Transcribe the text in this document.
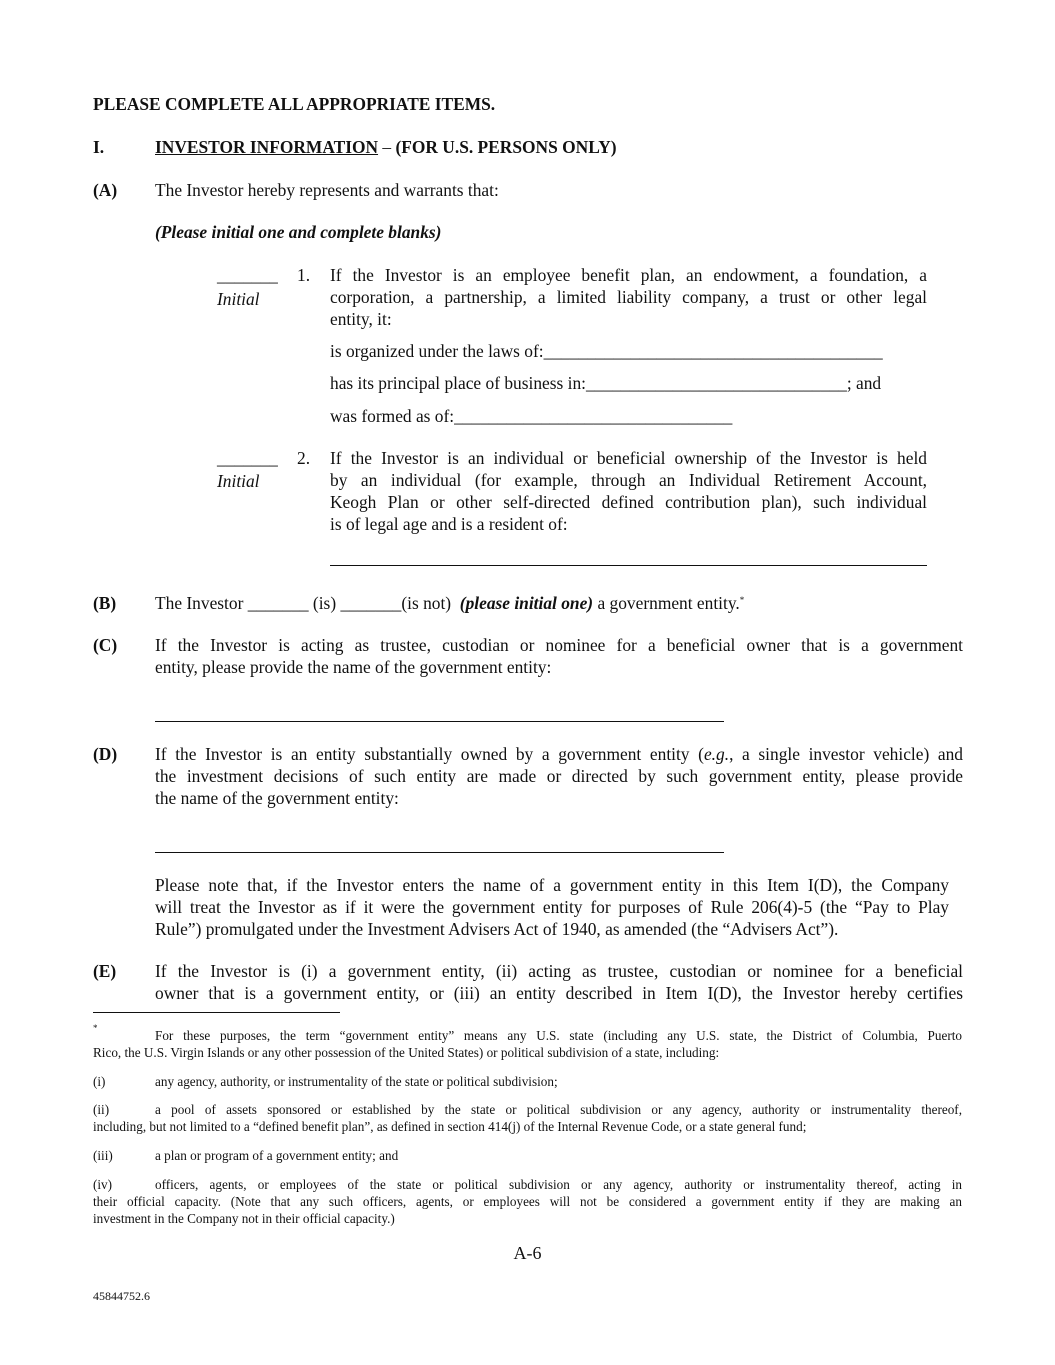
PLEASE COMPLETE ALL APPROPRIATE ITEMS.
I.	INVESTOR INFORMATION – (FOR U.S. PERSONS ONLY)
(A) The Investor hereby represents and warrants that:
(Please initial one and complete blanks)
_______
Initial
1. If the Investor is an employee benefit plan, an endowment, a foundation, a
corporation, a partnership, a limited liability company, a trust or other legal
entity, it:
is organized under the laws of:_______________________________________
has its principal place of business in:______________________________; and
was formed as of:________________________________
_______
Initial
2. If the Investor is an individual or beneficial ownership of the Investor is held
by an individual (for example, through an Individual Retirement Account,
Keogh Plan or other self-directed defined contribution plan), such individual
is of legal age and is a resident of:
(B) The Investor _______ (is) _______(is not)  (please initial one) a government entity.*
(C) If the Investor is acting as trustee, custodian or nominee for a beneficial owner that is a government
entity, please provide the name of the government entity:
(D) If the Investor is an entity substantially owned by a government entity (e.g., a single investor vehicle) and
the investment decisions of such entity are made or directed by such government entity, please provide
the name of the government entity:
Please note that, if the Investor enters the name of a government entity in this Item I(D), the Company
will treat the Investor as if it were the government entity for purposes of Rule 206(4)-5 (the “Pay to Play
Rule”) promulgated under the Investment Advisers Act of 1940, as amended (the “Advisers Act”).
(E) If the Investor is (i) a government entity, (ii) acting as trustee, custodian or nominee for a beneficial
owner that is a government entity, or (iii) an entity described in Item I(D), the Investor hereby certifies
*	For these purposes, the term “government entity” means any U.S. state (including any U.S. state, the District of Columbia, Puerto
Rico, the U.S. Virgin Islands or any other possession of the United States) or political subdivision of a state, including:
(i)	any agency, authority, or instrumentality of the state or political subdivision;
(ii)	a pool of assets sponsored or established by the state or political subdivision or any agency, authority or instrumentality thereof,
including, but not limited to a “defined benefit plan”, as defined in section 414(j) of the Internal Revenue Code, or a state general fund;
(iii)	a plan or program of a government entity; and
(iv)	officers, agents, or employees of the state or political subdivision or any agency, authority or instrumentality thereof, acting in
their official capacity. (Note that any such officers, agents, or employees will not be considered a government entity if they are making an
investment in the Company not in their official capacity.)
A-6
45844752.6
